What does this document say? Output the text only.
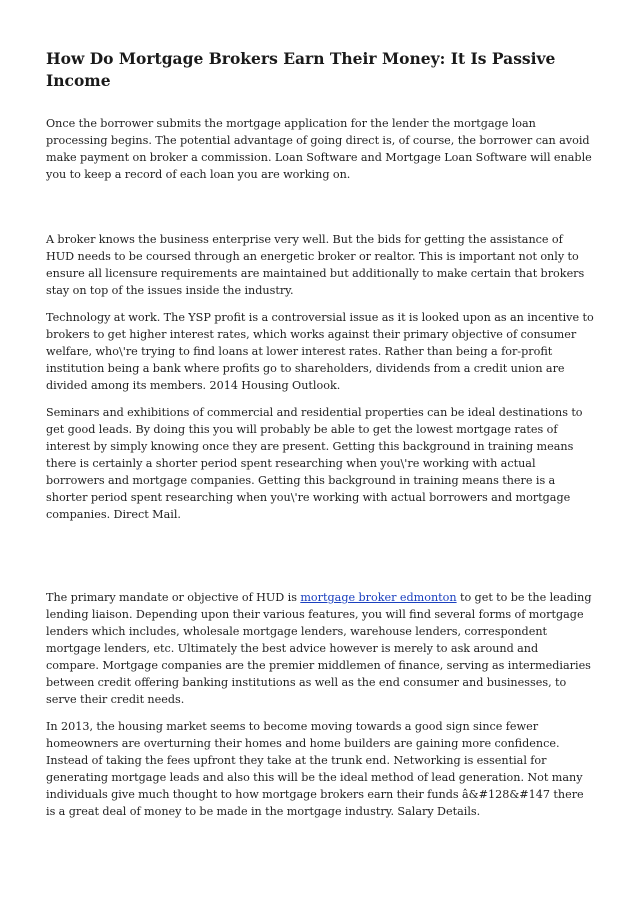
How Do Mortgage Brokers Earn Their Money: It Is Passive Income

Once the borrower submits the mortgage application for the lender the mortgage loan processing begins. The potential advantage of going direct is, of course, the borrower can avoid make payment on broker a commission. Loan Software and Mortgage Loan Software will enable you to keep a record of each loan you are working on.

A broker knows the business enterprise very well. But the bids for getting the assistance of HUD needs to be coursed through an energetic broker or realtor. This is important not only to ensure all licensure requirements are maintained but additionally to make certain that brokers stay on top of the issues inside the industry.

Technology at work. The YSP profit is a controversial issue as it is looked upon as an incentive to brokers to get higher interest rates, which works against their primary objective of consumer welfare, who\'re trying to find loans at lower interest rates. Rather than being a for-profit institution being a bank where profits go to shareholders, dividends from a credit union are divided among its members. 2014 Housing Outlook.

Seminars and exhibitions of commercial and residential properties can be ideal destinations to get good leads. By doing this you will probably be able to get the lowest mortgage rates of interest by simply knowing once they are present. Getting this background in training means there is certainly a shorter period spent researching when you\'re working with actual borrowers and mortgage companies. Getting this background in training means there is a shorter period spent researching when you\'re working with actual borrowers and mortgage companies. Direct Mail.

The primary mandate or objective of HUD is mortgage broker edmonton to get to be the leading lending liaison. Depending upon their various features, you will find several forms of mortgage lenders which includes, wholesale mortgage lenders, warehouse lenders, correspondent mortgage lenders, etc. Ultimately the best advice however is merely to ask around and compare. Mortgage companies are the premier middlemen of finance, serving as intermediaries between credit offering banking institutions as well as the end consumer and businesses, to serve their credit needs.

In 2013, the housing market seems to become moving towards a good sign since fewer homeowners are overturning their homes and home builders are gaining more confidence. Instead of taking the fees upfront they take at the trunk end. Networking is essential for generating mortgage leads and also this will be the ideal method of lead generation. Not many individuals give much thought to how mortgage brokers earn their funds â&#128&#147 there is a great deal of money to be made in the mortgage industry. Salary Details.
